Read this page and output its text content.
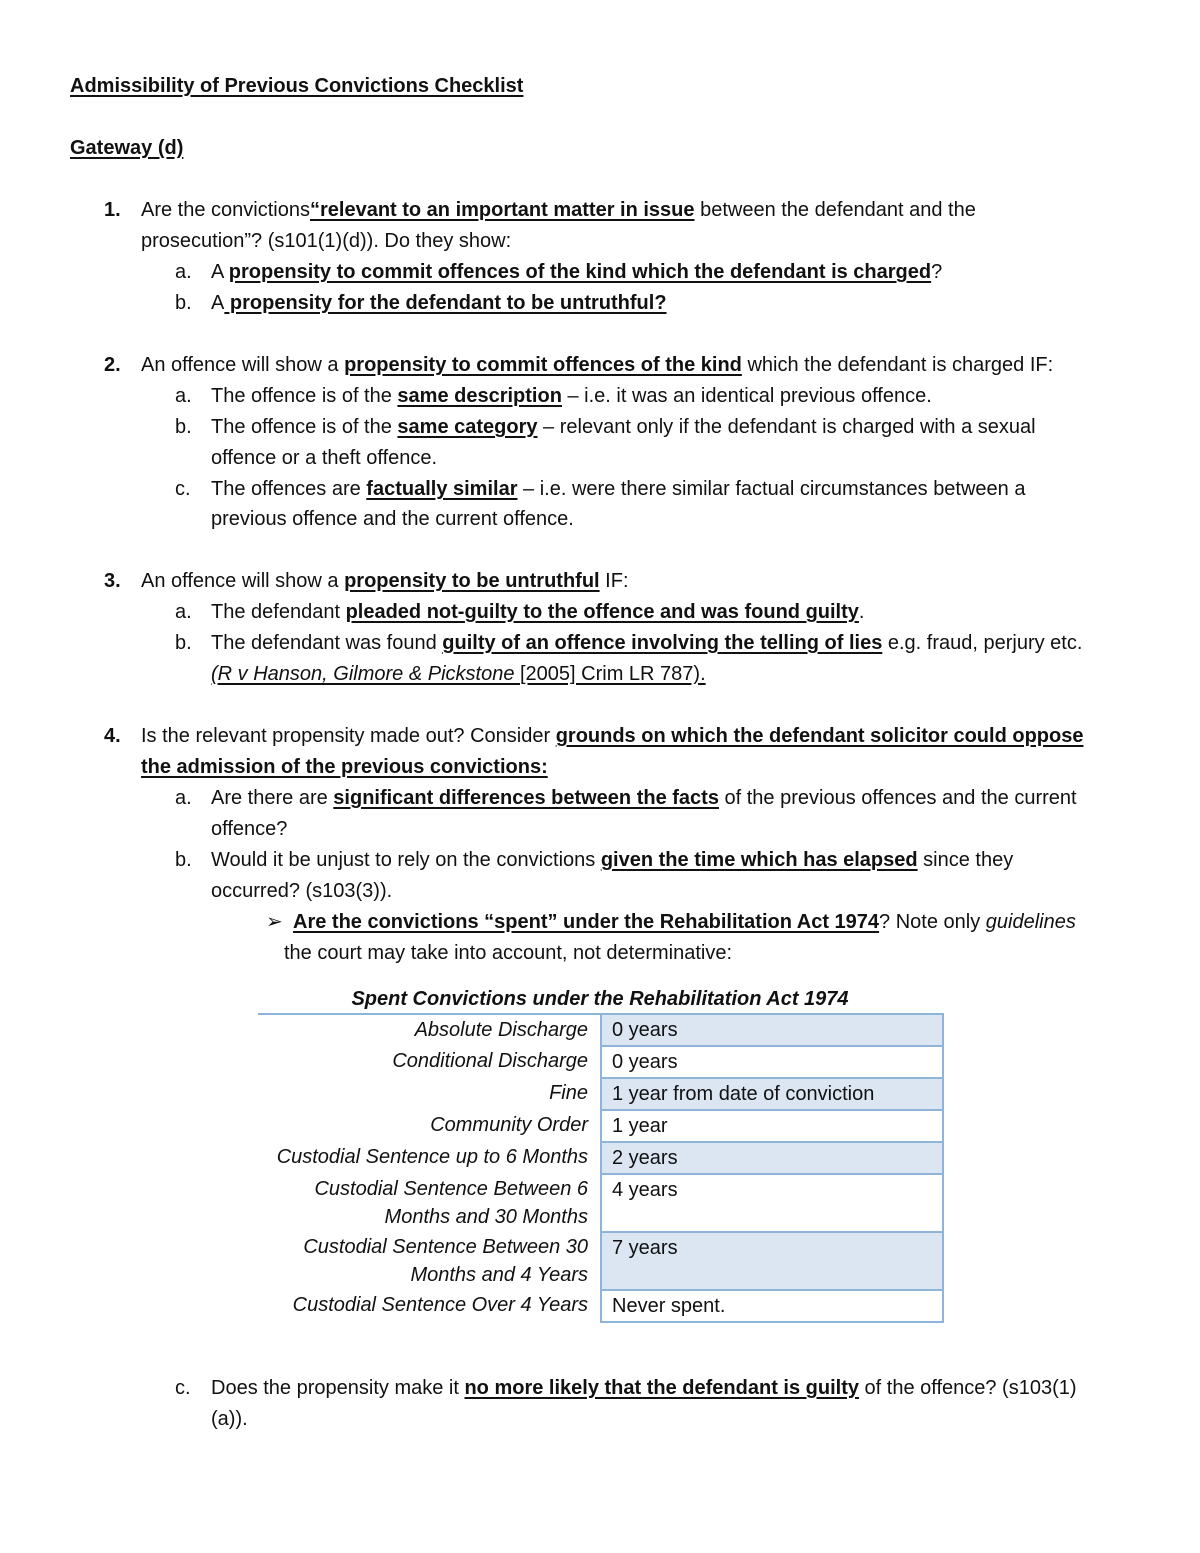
Admissibility of Previous Convictions Checklist
Gateway (d)
1. Are the convictions“relevant to an important matter in issue between the defendant and the
prosecution”? (s101(1)(d)). Do they show:
a. A propensity to commit offences of the kind which the defendant is charged?
b. A propensity for the defendant to be untruthful?
2. An offence will show a propensity to commit offences of the kind which the defendant is charged IF:
a. The offence is of the same description – i.e. it was an identical previous offence.
b. The offence is of the same category – relevant only if the defendant is charged with a sexual
offence or a theft offence.
c. The offences are factually similar – i.e. were there similar factual circumstances between a
previous offence and the current offence.
3. An offence will show a propensity to be untruthful IF:
a. The defendant pleaded not-guilty to the offence and was found guilty.
b. The defendant was found guilty of an offence involving the telling of lies e.g. fraud, perjury etc.
(R v Hanson, Gilmore & Pickstone [2005] Crim LR 787).
4. Is the relevant propensity made out? Consider grounds on which the defendant solicitor could oppose
the admission of the previous convictions:
a. Are there are significant differences between the facts of the previous offences and the current
offence?
b. Would it be unjust to rely on the convictions given the time which has elapsed since they
occurred? (s103(3)).
➢ Are the convictions “spent” under the Rehabilitation Act 1974? Note only guidelines
the court may take into account, not determinative:
Spent Convictions under the Rehabilitation Act 1974
Absolute Discharge	0 years
Conditional Discharge	0 years
Fine	1 year from date of conviction
Community Order	1 year
Custodial Sentence up to 6 Months	2 years
Custodial Sentence Between 6 Months and 30 Months	4 years
Custodial Sentence Between 30 Months and 4 Years	7 years
Custodial Sentence Over 4 Years	Never spent.
c. Does the propensity make it no more likely that the defendant is guilty of the offence? (s103(1)
(a)).
